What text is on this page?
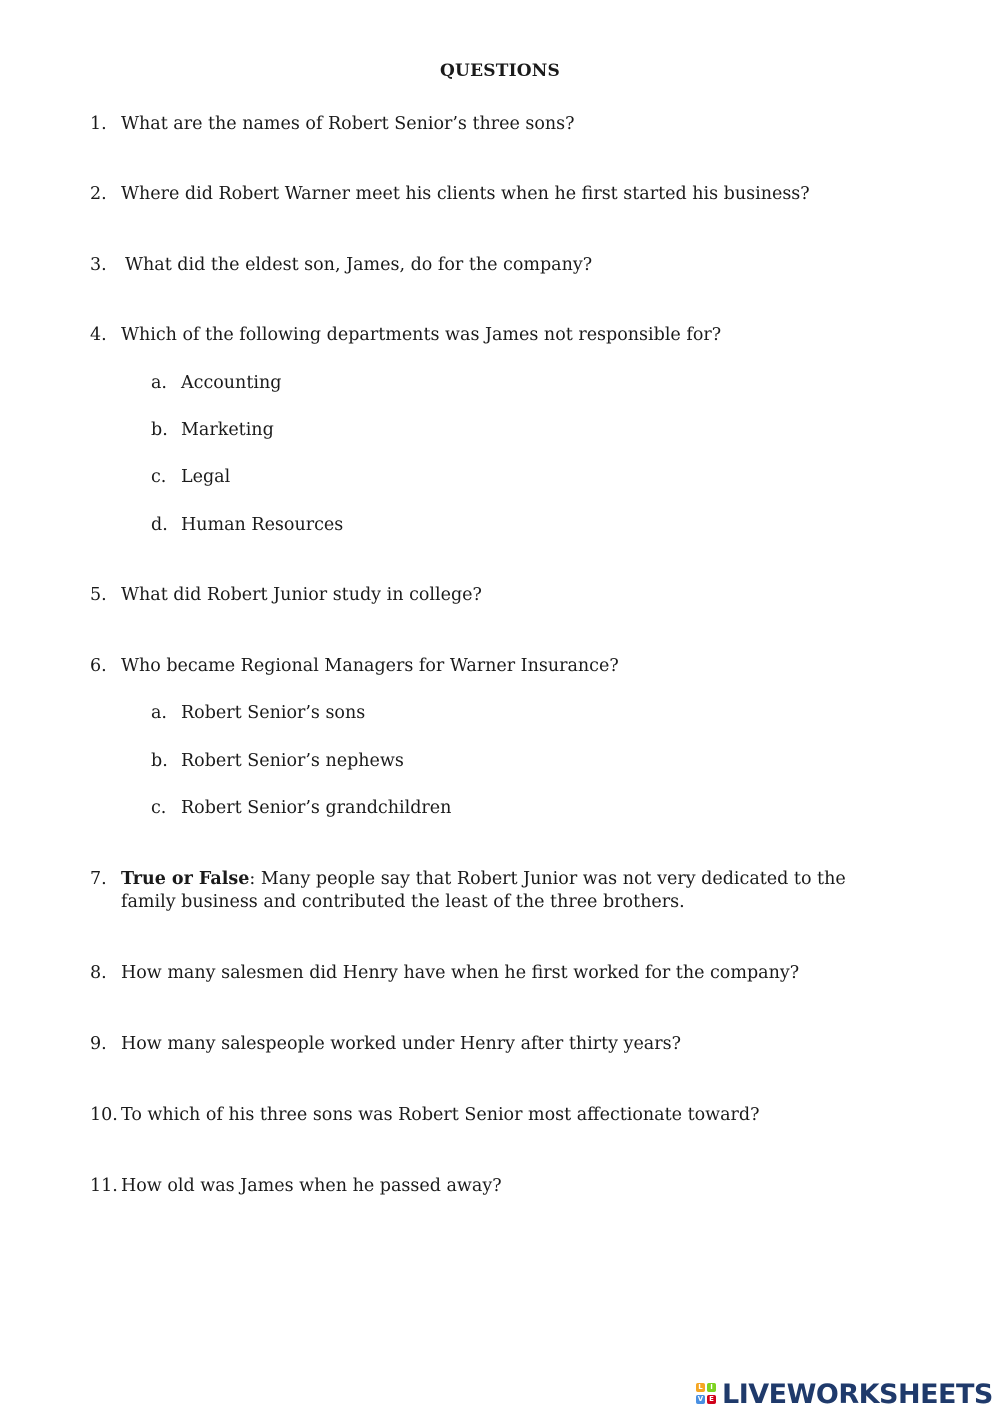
QUESTIONS
1. What are the names of Robert Senior’s three sons?
2. Where did Robert Warner meet his clients when he first started his business?
3. What did the eldest son, James, do for the company?
4. Which of the following departments was James not responsible for?
a. Accounting
b. Marketing
c. Legal
d. Human Resources
5. What did Robert Junior study in college?
6. Who became Regional Managers for Warner Insurance?
a. Robert Senior’s sons
b. Robert Senior’s nephews
c. Robert Senior’s grandchildren
7. True or False: Many people say that Robert Junior was not very dedicated to the family business and contributed the least of the three brothers.
8. How many salesmen did Henry have when he first worked for the company?
9. How many salespeople worked under Henry after thirty years?
10. To which of his three sons was Robert Senior most affectionate toward?
11. How old was James when he passed away?
L	I
V E LIVEWORKSHEETS
